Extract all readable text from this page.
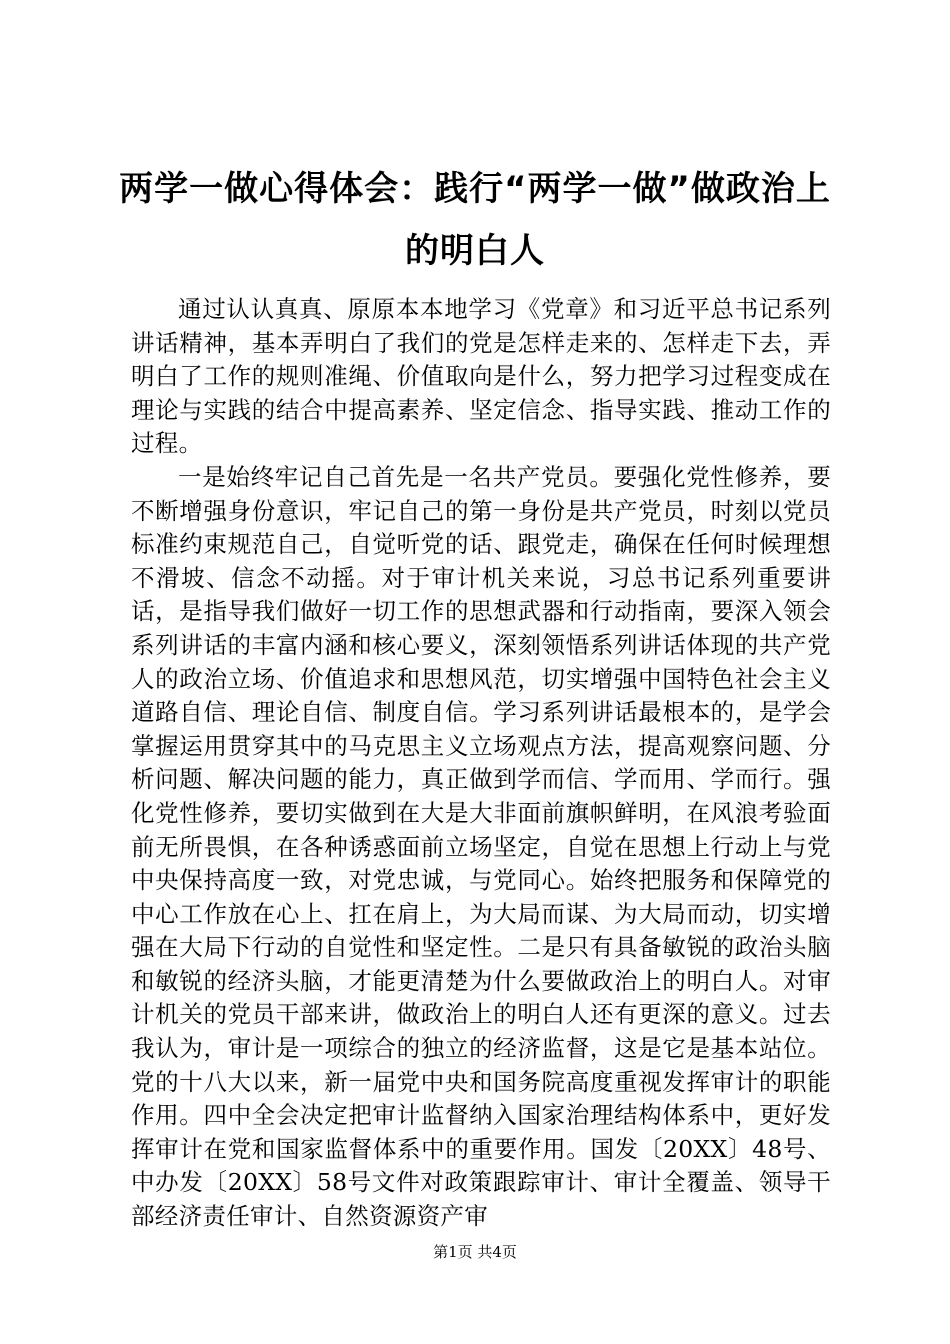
两学一做心得体会：践行“两学一做”做政治上的明白人

通过认认真真、原原本本地学习《党章》和习近平总书记系列讲话精神，基本弄明白了我们的党是怎样走来的、怎样走下去，弄明白了工作的规则准绳、价值取向是什么，努力把学习过程变成在理论与实践的结合中提高素养、坚定信念、指导实践、推动工作的过程。

一是始终牢记自己首先是一名共产党员。要强化党性修养，要不断增强身份意识，牢记自己的第一身份是共产党员，时刻以党员标准约束规范自己，自觉听党的话、跟党走，确保在任何时候理想不滑坡、信念不动摇。对于审计机关来说，习总书记系列重要讲话，是指导我们做好一切工作的思想武器和行动指南，要深入领会系列讲话的丰富内涵和核心要义，深刻领悟系列讲话体现的共产党人的政治立场、价值追求和思想风范，切实增强中国特色社会主义道路自信、理论自信、制度自信。学习系列讲话最根本的，是学会掌握运用贯穿其中的马克思主义立场观点方法，提高观察问题、分析问题、解决问题的能力，真正做到学而信、学而用、学而行。强化党性修养，要切实做到在大是大非面前旗帜鲜明，在风浪考验面前无所畏惧，在各种诱惑面前立场坚定，自觉在思想上行动上与党中央保持高度一致，对党忠诚，与党同心。始终把服务和保障党的中心工作放在心上、扛在肩上，为大局而谋、为大局而动，切实增强在大局下行动的自觉性和坚定性。二是只有具备敏锐的政治头脑和敏锐的经济头脑，才能更清楚为什么要做政治上的明白人。对审计机关的党员干部来讲，做政治上的明白人还有更深的意义。过去我认为，审计是一项综合的独立的经济监督，这是它是基本站位。党的十八大以来，新一届党中央和国务院高度重视发挥审计的职能作用。四中全会决定把审计监督纳入国家治理结构体系中，更好发挥审计在党和国家监督体系中的重要作用。国发〔20XX〕48号、中办发〔20XX〕58号文件对政策跟踪审计、审计全覆盖、领导干部经济责任审计、自然资源资产审

第1页 共4页
